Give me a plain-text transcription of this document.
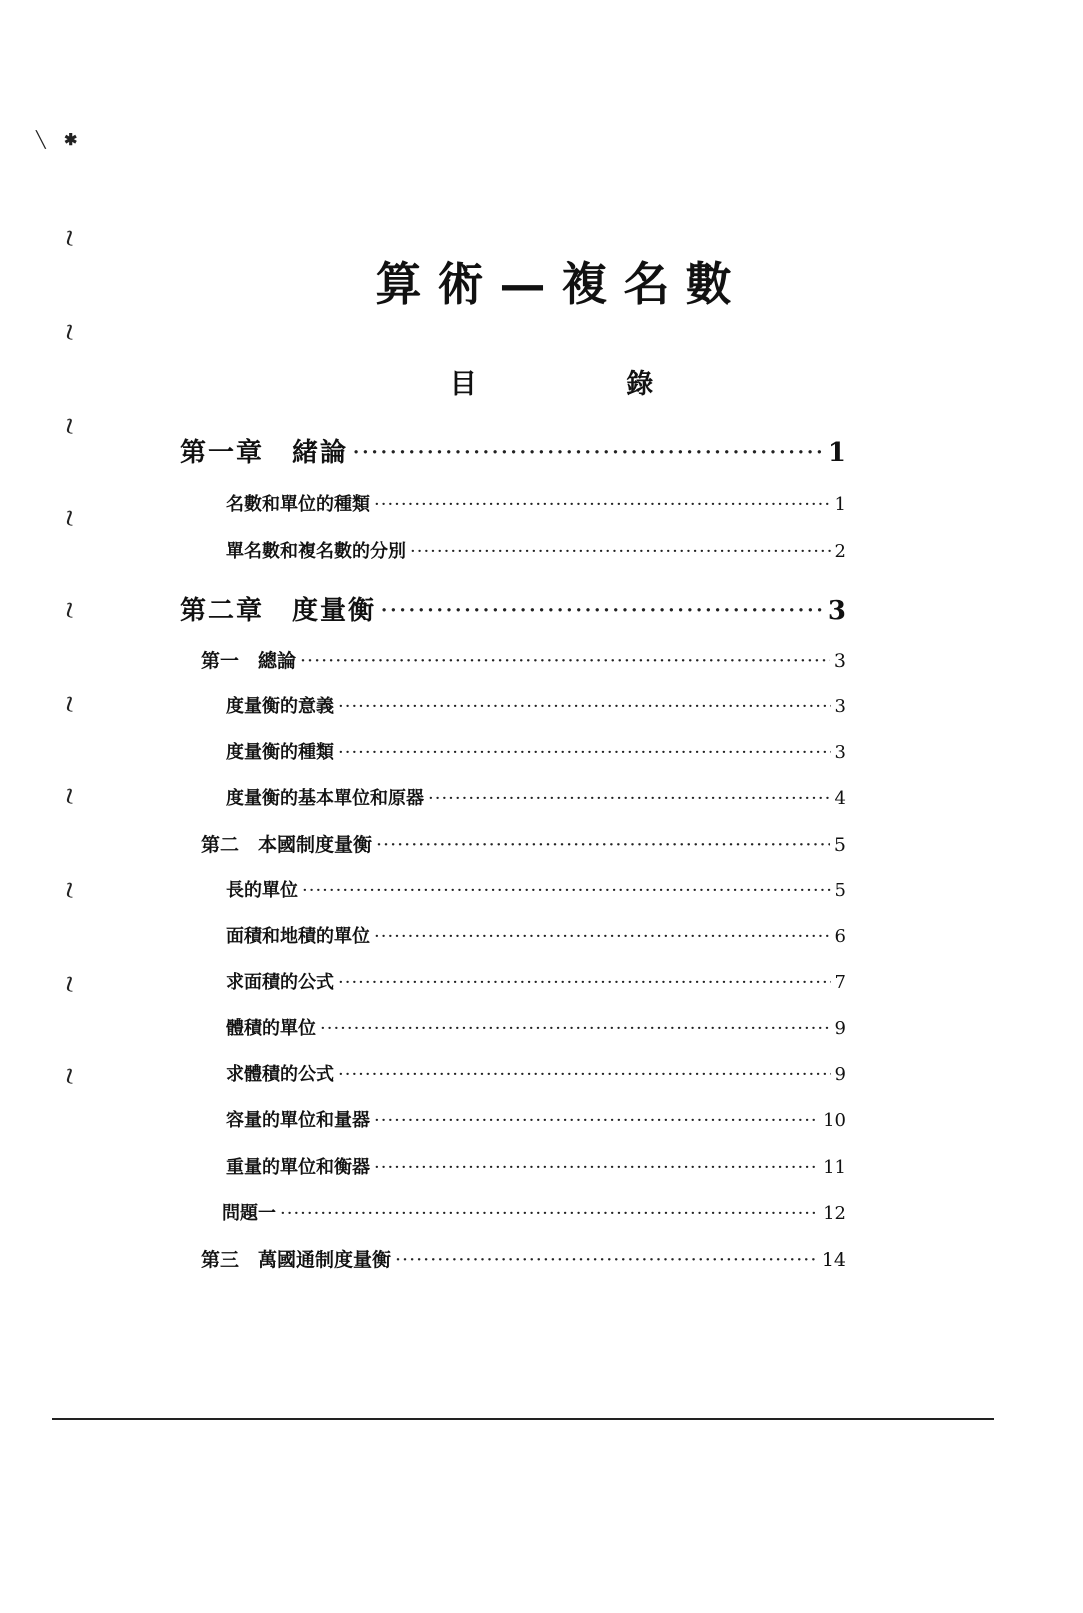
算術—複名數
目 錄
第一章　緒論 ·····	1
名數和單位的種類 ·····	1
單名數和複名數的分別 ·····	2
第二章　度量衡 ·····	3
第一　總論 ·····	3
度量衡的意義 ·····	3
度量衡的種類 ·····	3
度量衡的基本單位和原器 ·····	4
第二　本國制度量衡 ·····	5
長的單位 ·····	5
面積和地積的單位 ·····	6
求面積的公式 ·····	7
體積的單位 ·····	9
求體積的公式 ·····	9
容量的單位和量器 ·····	10
重量的單位和衡器 ·····	11
問題一 ·····	12
第三　萬國通制度量衡 ·····	14
╲ ✱
⟅
⟅
⟅
⟅
⟅
⟅
⟅
⟅
⟅
⟅
